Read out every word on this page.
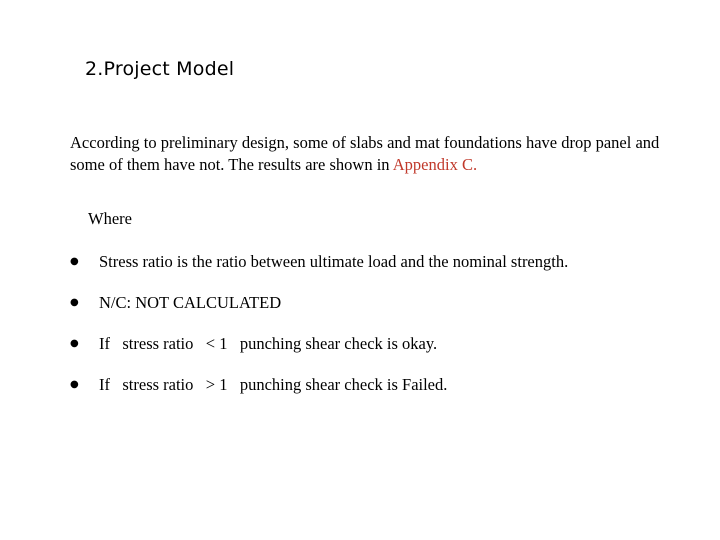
2.Project Model

According to preliminary design, some of slabs and mat foundations have drop panel and some of them have not. The results are shown in Appendix C.

Where

● Stress ratio is the ratio between ultimate load and the nominal strength.
● N/C: NOT CALCULATED
● If   stress ratio   < 1   punching shear check is okay.
● If   stress ratio   > 1   punching shear check is Failed.
